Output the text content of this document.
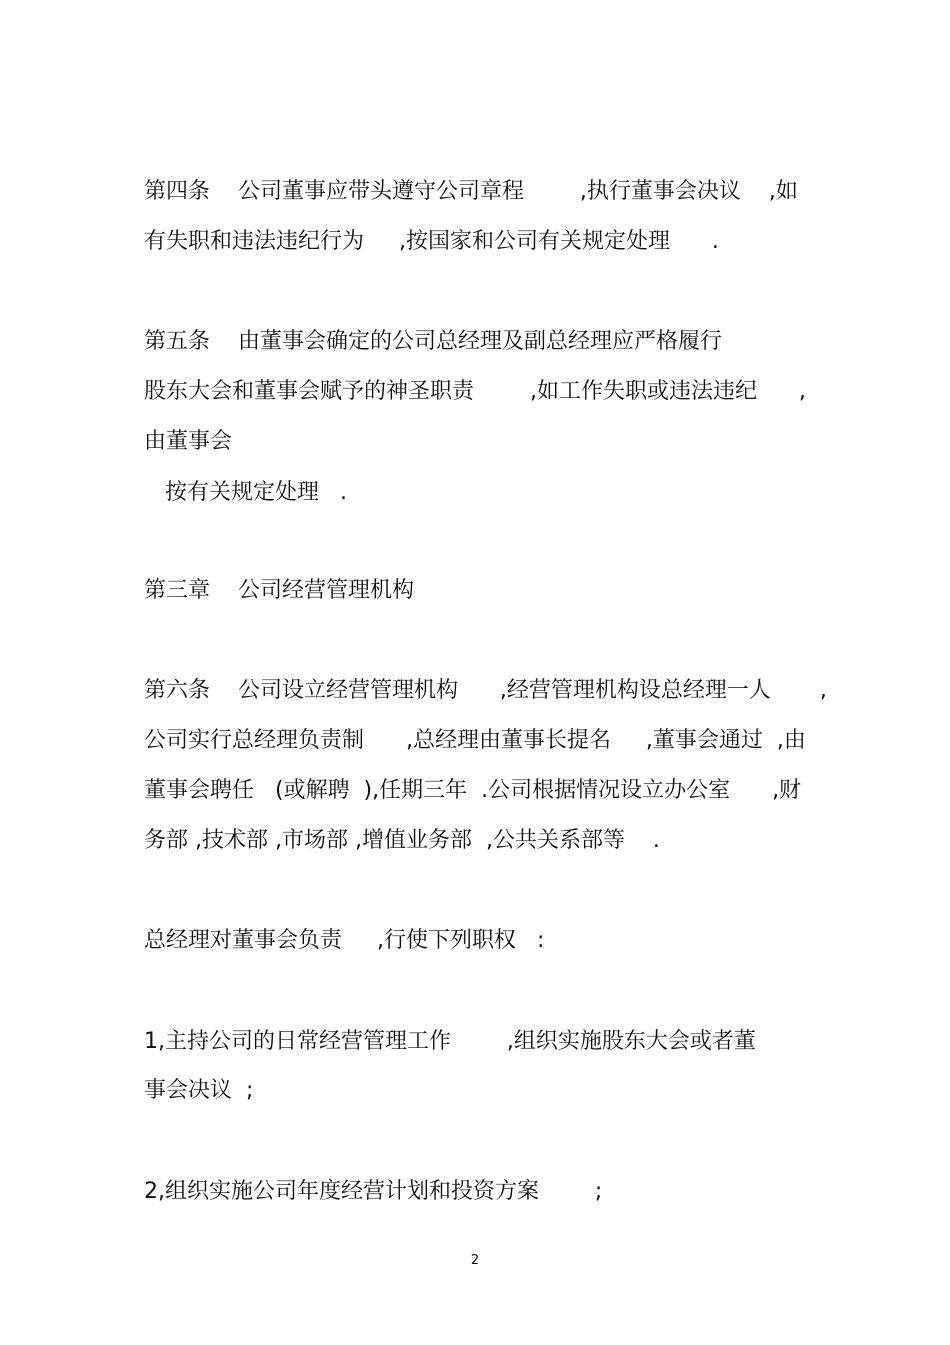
第四条    公司董事应带头遵守公司章程        ,执行董事会决议    ,如

有失职和违法违纪行为     ,按国家和公司有关规定处理      .

第五条    由董事会确定的公司总经理及副总经理应严格履行

股东大会和董事会赋予的神圣职责        ,如工作失职或违法违纪      ,

由董事会

按有关规定处理   .

第三章    公司经营管理机构

第六条    公司设立经营管理机构      ,经营管理机构设总经理一人       ,

公司实行总经理负责制      ,总经理由董事长提名     ,董事会通过  ,由

董事会聘任   (或解聘  ),任期三年  .公司根据情况设立办公室      ,财

务部 ,技术部 ,市场部 ,增值业务部  ,公共关系部等    .

总经理对董事会负责     ,行使下列职权   :

1,主持公司的日常经营管理工作        ,组织实施股东大会或者董

事会决议  ;

2,组织实施公司年度经营计划和投资方案        ;

2
